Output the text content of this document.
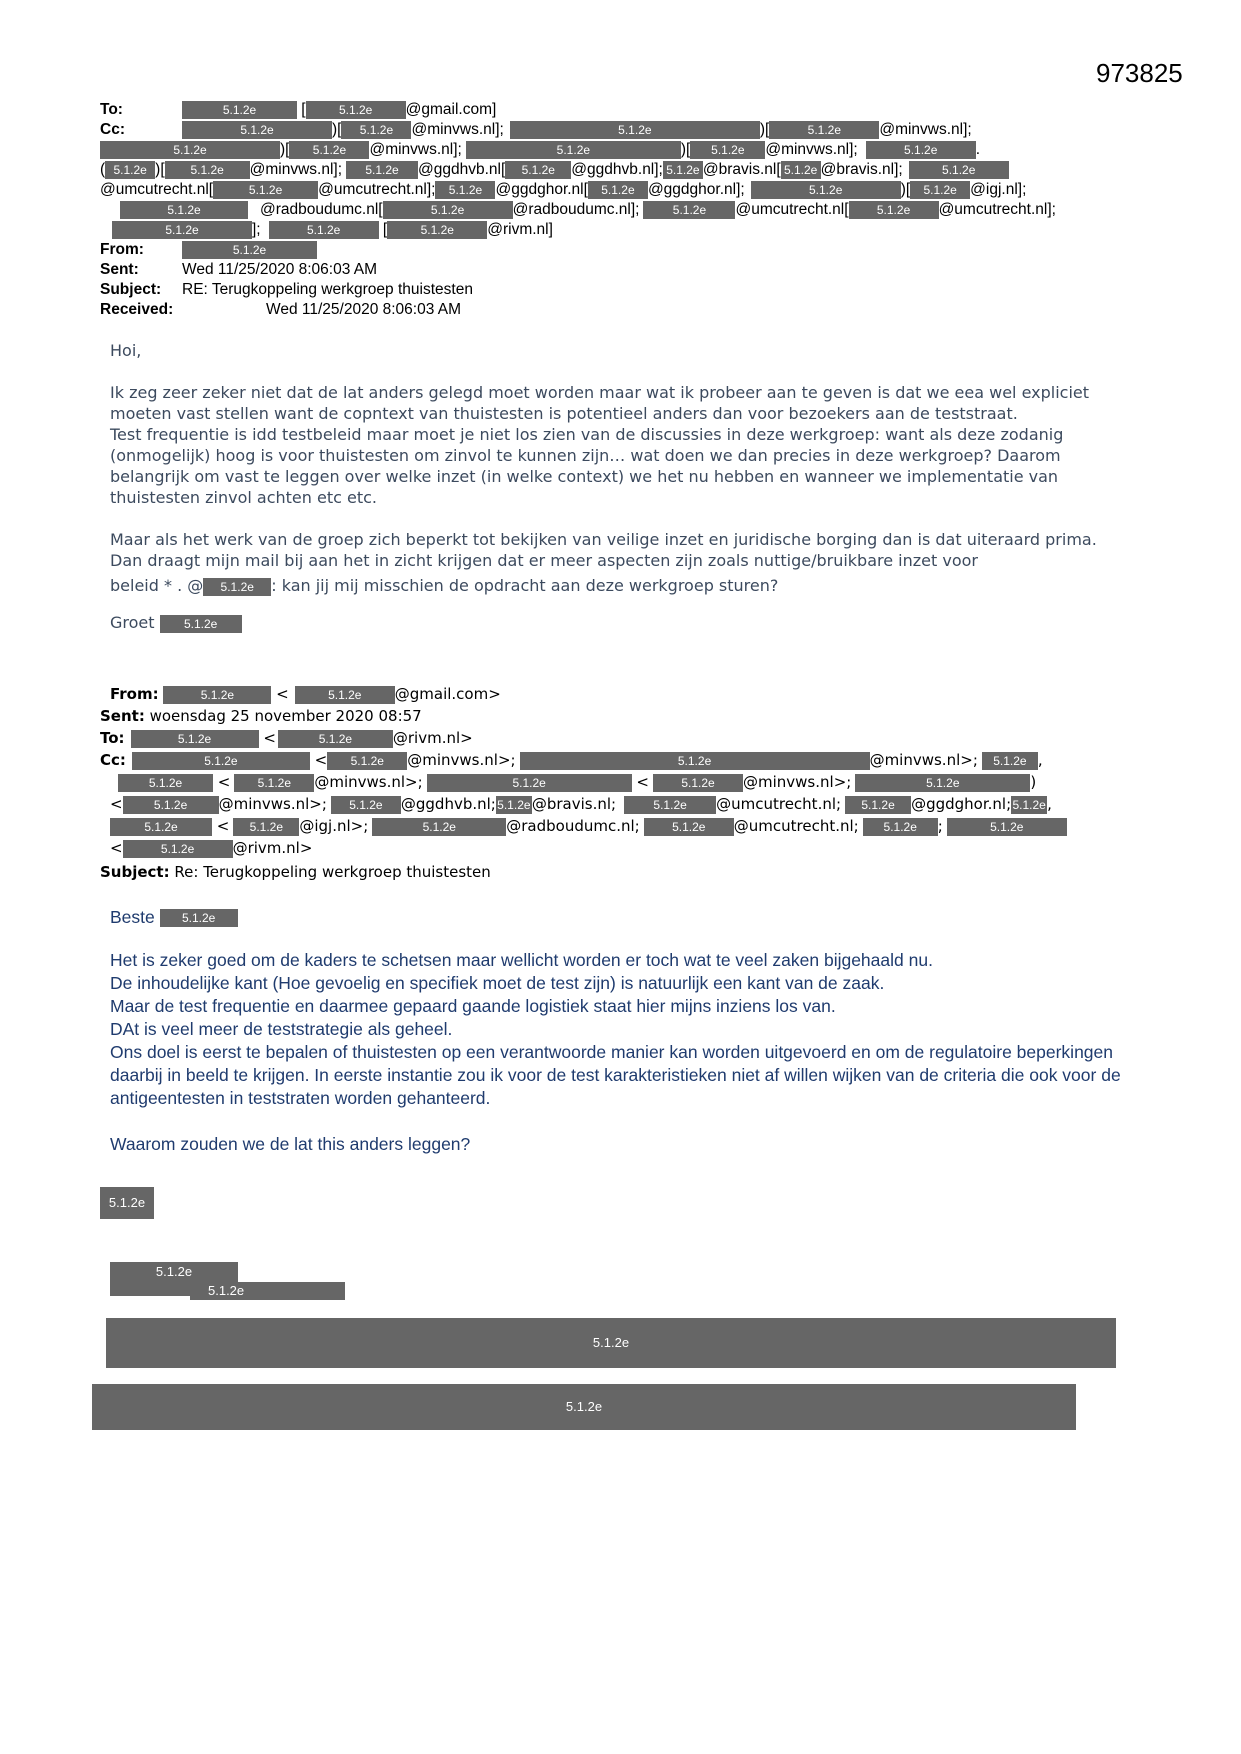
973825
To:	5.1.2e	[	5.1.2e @gmail.com]
Cc:	5.1.2e	)[ 5.1.2e @minvws.nl];	5.1.2e	)[	5.1.2e @minvws.nl];
5.1.2e	)[ 5.1.2e @minvws.nl];	5.1.2e	)[ 5.1.2e @minvws.nl];	5.1.2e .
( 5.1.2e )[ 5.1.2e @minvws.nl]; 5.1.2e @ggdhvb.nl[ 5.1.2e @ggdhvb.nl]; 5.1.2e @bravis.nl[ 5.1.2e @bravis.nl];	5.1.2e
@umcutrecht.nl[	5.1.2e @umcutrecht.nl]; 5.1.2e @ggdghor.nl[ 5.1.2e @ggdghor.nl];	5.1.2e	)[ 5.1.2e @igj.nl];
5.1.2e	@radboudumc.nl[	5.1.2e	@radboudumc.nl];	5.1.2e @umcutrecht.nl[ 5.1.2e @umcutrecht.nl];
5.1.2e	];	5.1.2e [	5.1.2e @rivm.nl]
From:	5.1.2e
Sent:	Wed 11/25/2020 8:06:03 AM
Subject: RE: Terugkoppeling werkgroep thuistesten
Received:	Wed 11/25/2020 8:06:03 AM

Hoi,

Ik zeg zeer zeker niet dat de lat anders gelegd moet worden maar wat ik probeer aan te geven is dat we eea wel expliciet moeten vast stellen want de copntext van thuistesten is potentieel anders dan voor bezoekers aan de teststraat.

Test frequentie is idd testbeleid maar moet je niet los zien van de discussies in deze werkgroep: want als deze zodanig (onmogelijk) hoog is voor thuistesten om zinvol te kunnen zijn… wat doen we dan precies in deze werkgroep? Daarom belangrijk om vast te leggen over welke inzet (in welke context) we het nu hebben en wanneer we implementatie van thuistesten zinvol achten etc etc.

Maar als het werk van de groep zich beperkt tot bekijken van veilige inzet en juridische borging dan is dat uiteraard prima. Dan draagt mijn mail bij aan het in zicht krijgen dat er meer aspecten zijn zoals nuttige/bruikbare inzet voor

beleid * . @ 5.1.2e : kan jij mij misschien de opdracht aan deze werkgroep sturen?

Groet 5.1.2e

From:	5.1.2e <	5.1.2e @gmail.com>
Sent: woensdag 25 november 2020 08:57
To:	5.1.2e	<	5.1.2e	@rivm.nl>
Cc:	5.1.2e	< 5.1.2e @minvws.nl>;	5.1.2e	@minvws.nl>; 5.1.2e ,
5.1.2e < 5.1.2e @minvws.nl>;	5.1.2e	<	5.1.2e @minvws.nl>;	5.1.2e	)
<	5.1.2e @minvws.nl>; 5.1.2e @ggdhvb.nl;5.1.2e@bravis.nl;	5.1.2e @umcutrecht.nl; 5.1.2e @ggdghor.nl;5.1.2e,
5.1.2e < 5.1.2e @igj.nl>;	5.1.2e	@radboudumc.nl;	5.1.2e @umcutrecht.nl; 5.1.2e ;	5.1.2e
<	5.1.2e	@rivm.nl>
Subject: Re: Terugkoppeling werkgroep thuistesten

Beste 5.1.2e

Het is zeker goed om de kaders te schetsen maar wellicht worden er toch wat te veel zaken bijgehaald nu.

De inhoudelijke kant (Hoe gevoelig en specifiek moet de test zijn) is natuurlijk een kant van de zaak.

Maar de test frequentie en daarmee gepaard gaande logistiek staat hier mijns inziens los van.

DAt is veel meer de teststrategie als geheel.

Ons doel is eerst te bepalen of thuistesten op een verantwoorde manier kan worden uitgevoerd en om de regulatoire beperkingen daarbij in beeld te krijgen. In eerste instantie zou ik voor de test karakteristieken niet af willen wijken van de criteria die ook voor de antigeentesten in teststraten worden gehanteerd.

Waarom zouden we de lat this anders leggen?

5.1.2e
5.1.2e
5.1.2e
5.1.2e
5.1.2e
